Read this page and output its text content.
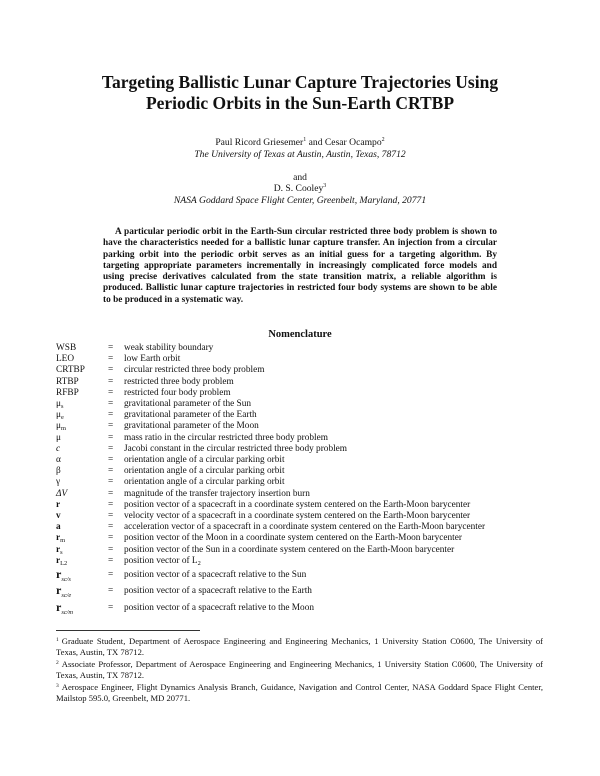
Targeting Ballistic Lunar Capture Trajectories Using
Periodic Orbits in the Sun-Earth CRTBP
Paul Ricord Griesemer$^1$ and Cesar Ocampo$^2$
The University of Texas at Austin, Austin, Texas, 78712
and
D. S. Cooley$^3$
NASA Goddard Space Flight Center, Greenbelt, Maryland, 20771
A particular periodic orbit in the Earth-Sun circular restricted three body problem is shown to have the characteristics needed for a ballistic lunar capture transfer. An injection from a circular parking orbit into the periodic orbit serves as an initial guess for a targeting algorithm. By targeting appropriate parameters incrementally in increasingly complicated force models and using precise derivatives calculated from the state transition matrix, a reliable algorithm is produced. Ballistic lunar capture trajectories in restricted four body systems are shown to be able to be produced in a systematic way.
Nomenclature
WSB	=	weak stability boundary
LEO	=	low Earth orbit
CRTBP	=	circular restricted three body problem
RTBP	=	restricted three body problem
RFBP	=	restricted four body problem
$\mu_s$	=	gravitational parameter of the Sun
$\mu_e$	=	gravitational parameter of the Earth
$\mu_m$	=	gravitational parameter of the Moon
μ	=	mass ratio in the circular restricted three body problem
c	=	Jacobi constant in the circular restricted three body problem
α	=	orientation angle of a circular parking orbit
β	=	orientation angle of a circular parking orbit
γ	=	orientation angle of a circular parking orbit
ΔV	=	magnitude of the transfer trajectory insertion burn
r	=	position vector of a spacecraft in a coordinate system centered on the Earth-Moon barycenter
v	=	velocity vector of a spacecraft in a coordinate system centered on the Earth-Moon barycenter
a	=	acceleration vector of a spacecraft in a coordinate system centered on the Earth-Moon barycenter
$r_m$	=	position vector of the Moon in a coordinate system centered on the Earth-Moon barycenter
$r_s$	=	position vector of the Sun in a coordinate system centered on the Earth-Moon barycenter
$r_{L2}$	=	position vector of $L_2$
$r_{sc/s}$	=	position vector of a spacecraft relative to the Sun
$r_{sc/e}$	=	position vector of a spacecraft relative to the Earth
$r_{sc/m}$	=	position vector of a spacecraft relative to the Moon

$^1$ Graduate Student, Department of Aerospace Engineering and Engineering Mechanics, 1 University Station C0600, The University of Texas, Austin, TX 78712.

$^2$ Associate Professor, Department of Aerospace Engineering and Engineering Mechanics, 1 University Station C0600, The University of Texas, Austin, TX 78712.

$^3$ Aerospace Engineer, Flight Dynamics Analysis Branch, Guidance, Navigation and Control Center, NASA Goddard Space Flight Center, Mailstop 595.0, Greenbelt, MD 20771.
